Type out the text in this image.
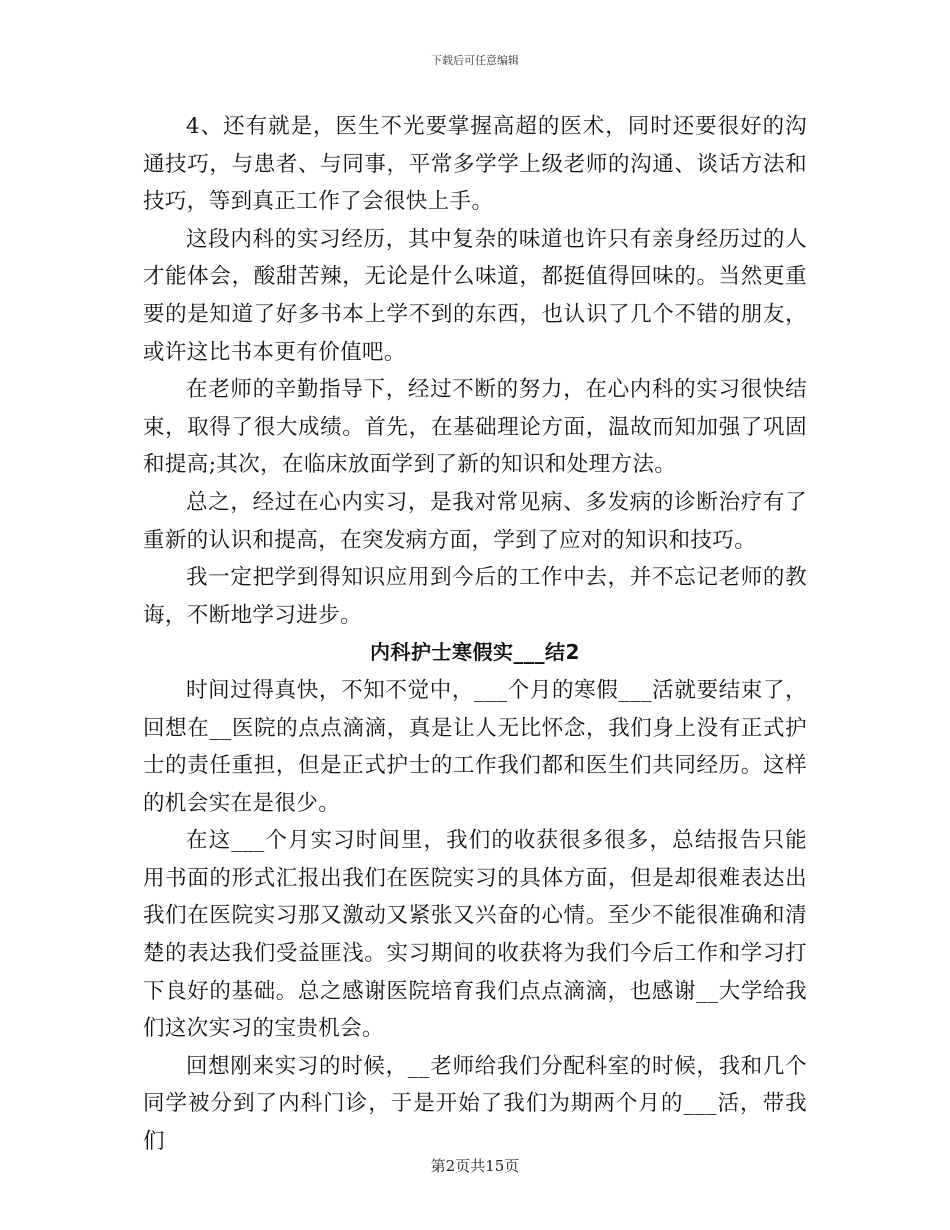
下载后可任意编辑

4、还有就是，医生不光要掌握高超的医术，同时还要很好的沟通技巧，与患者、与同事，平常多学学上级老师的沟通、谈话方法和技巧，等到真正工作了会很快上手。

这段内科的实习经历，其中复杂的味道也许只有亲身经历过的人才能体会，酸甜苦辣，无论是什么味道，都挺值得回味的。当然更重要的是知道了好多书本上学不到的东西，也认识了几个不错的朋友，或许这比书本更有价值吧。

在老师的辛勤指导下，经过不断的努力，在心内科的实习很快结束，取得了很大成绩。首先，在基础理论方面，温故而知加强了巩固和提高;其次，在临床放面学到了新的知识和处理方法。

总之，经过在心内实习，是我对常见病、多发病的诊断治疗有了重新的认识和提高，在突发病方面，学到了应对的知识和技巧。

我一定把学到得知识应用到今后的工作中去，并不忘记老师的教诲，不断地学习进步。

内科护士寒假实___结2

时间过得真快，不知不觉中，___个月的寒假___活就要结束了，回想在__医院的点点滴滴，真是让人无比怀念，我们身上没有正式护士的责任重担，但是正式护士的工作我们都和医生们共同经历。这样的机会实在是很少。

在这___个月实习时间里，我们的收获很多很多，总结报告只能用书面的形式汇报出我们在医院实习的具体方面，但是却很难表达出我们在医院实习那又激动又紧张又兴奋的心情。至少不能很准确和清楚的表达我们受益匪浅。实习期间的收获将为我们今后工作和学习打下良好的基础。总之感谢医院培育我们点点滴滴，也感谢__大学给我们这次实习的宝贵机会。

回想刚来实习的时候，__老师给我们分配科室的时候，我和几个同学被分到了内科门诊，于是开始了我们为期两个月的___活，带我们

第2页共15页
